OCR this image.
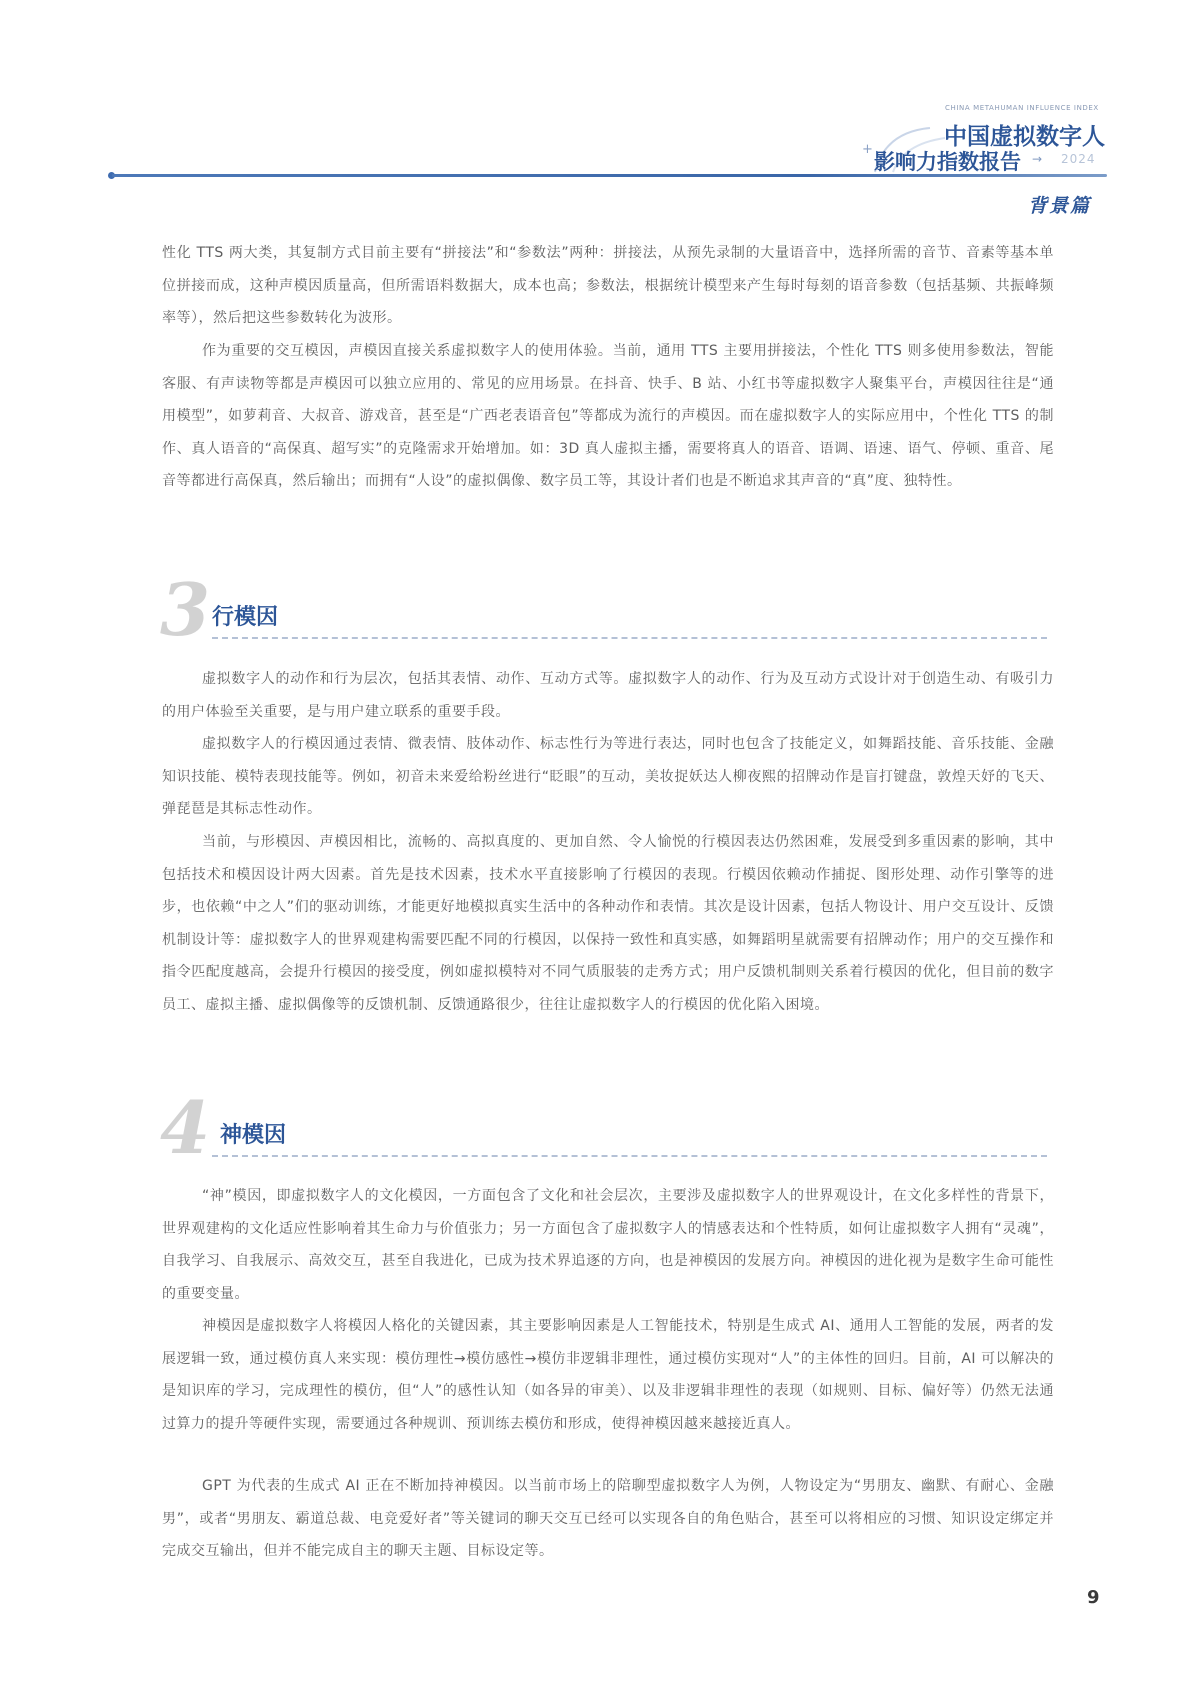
CHINA METAHUMAN INFLUENCE INDEX
中国虚拟数字人
+ 影响力指数报告 → 2024
背景篇

性化 TTS 两大类，其复制方式目前主要有“拼接法”和“参数法”两种：拼接法，从预先录制的大量语音中，选择所需的音节、音素等基本单位拼接而成，这种声模因质量高，但所需语料数据大，成本也高；参数法，根据统计模型来产生每时每刻的语音参数（包括基频、共振峰频率等），然后把这些参数转化为波形。

作为重要的交互模因，声模因直接关系虚拟数字人的使用体验。当前，通用 TTS 主要用拼接法，个性化 TTS 则多使用参数法，智能客服、有声读物等都是声模因可以独立应用的、常见的应用场景。在抖音、快手、B 站、小红书等虚拟数字人聚集平台，声模因往往是“通用模型”，如萝莉音、大叔音、游戏音，甚至是“广西老表语音包”等都成为流行的声模因。而在虚拟数字人的实际应用中，个性化 TTS 的制作、真人语音的“高保真、超写实”的克隆需求开始增加。如：3D 真人虚拟主播，需要将真人的语音、语调、语速、语气、停顿、重音、尾音等都进行高保真，然后输出；而拥有“人设”的虚拟偶像、数字员工等，其设计者们也是不断追求其声音的“真”度、独特性。

3 行模因

虚拟数字人的动作和行为层次，包括其表情、动作、互动方式等。虚拟数字人的动作、行为及互动方式设计对于创造生动、有吸引力的用户体验至关重要，是与用户建立联系的重要手段。

虚拟数字人的行模因通过表情、微表情、肢体动作、标志性行为等进行表达，同时也包含了技能定义，如舞蹈技能、音乐技能、金融知识技能、模特表现技能等。例如，初音未来爱给粉丝进行“眨眼”的互动，美妆捉妖达人柳夜熙的招牌动作是盲打键盘，敦煌天妤的飞天、弹琵琶是其标志性动作。

当前，与形模因、声模因相比，流畅的、高拟真度的、更加自然、令人愉悦的行模因表达仍然困难，发展受到多重因素的影响，其中包括技术和模因设计两大因素。首先是技术因素，技术水平直接影响了行模因的表现。行模因依赖动作捕捉、图形处理、动作引擎等的进步，也依赖“中之人”们的驱动训练，才能更好地模拟真实生活中的各种动作和表情。其次是设计因素，包括人物设计、用户交互设计、反馈机制设计等：虚拟数字人的世界观建构需要匹配不同的行模因，以保持一致性和真实感，如舞蹈明星就需要有招牌动作；用户的交互操作和指令匹配度越高，会提升行模因的接受度，例如虚拟模特对不同气质服装的走秀方式；用户反馈机制则关系着行模因的优化，但目前的数字员工、虚拟主播、虚拟偶像等的反馈机制、反馈通路很少，往往让虚拟数字人的行模因的优化陷入困境。

4 神模因

“神”模因，即虚拟数字人的文化模因，一方面包含了文化和社会层次，主要涉及虚拟数字人的世界观设计，在文化多样性的背景下，世界观建构的文化适应性影响着其生命力与价值张力；另一方面包含了虚拟数字人的情感表达和个性特质，如何让虚拟数字人拥有“灵魂”，自我学习、自我展示、高效交互，甚至自我进化，已成为技术界追逐的方向，也是神模因的发展方向。神模因的进化视为是数字生命可能性的重要变量。

神模因是虚拟数字人将模因人格化的关键因素，其主要影响因素是人工智能技术，特别是生成式 AI、通用人工智能的发展，两者的发展逻辑一致，通过模仿真人来实现：模仿理性→模仿感性→模仿非逻辑非理性，通过模仿实现对“人”的主体性的回归。目前，AI 可以解决的是知识库的学习，完成理性的模仿，但“人”的感性认知（如各异的审美）、以及非逻辑非理性的表现（如规则、目标、偏好等）仍然无法通过算力的提升等硬件实现，需要通过各种规训、预训练去模仿和形成，使得神模因越来越接近真人。

GPT 为代表的生成式 AI 正在不断加持神模因。以当前市场上的陪聊型虚拟数字人为例，人物设定为“男朋友、幽默、有耐心、金融男”，或者“男朋友、霸道总裁、电竞爱好者”等关键词的聊天交互已经可以实现各自的角色贴合，甚至可以将相应的习惯、知识设定绑定并完成交互输出，但并不能完成自主的聊天主题、目标设定等。

9
